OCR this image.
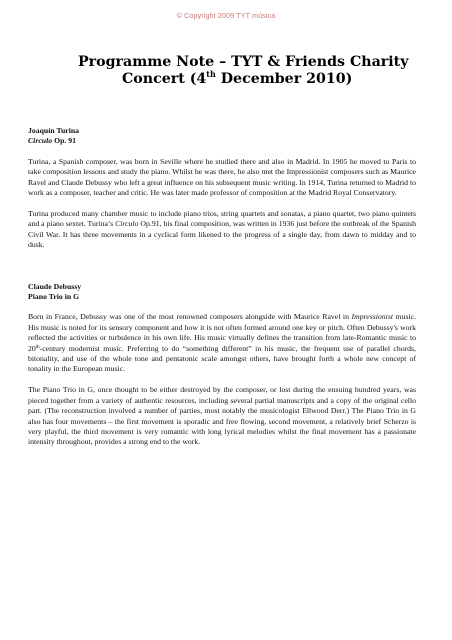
© Copyright 2009 TYT música
Programme Note – TYT & Friends Charity
Concert (4th December 2010)
Joaquín Turina
Circulo Op. 91

Turina, a Spanish composer, was born in Seville where he studied there and also in Madrid. In 1905 he moved to Paris to take composition lessons and study the piano. Whilst he was there, he also met the Impressionist composers such as Maurice Ravel and Claude Debussy who left a great influence on his subsequent music writing. In 1914, Turina returned to Madrid to work as a composer, teacher and critic. He was later made professor of composition at the Madrid Royal Conservatory.

Turina produced many chamber music to include piano trios, string quartets and sonatas, a piano quartet, two piano quintets and a piano sextet. Turina’s Circulo Op.91, his final composition, was written in 1936 just before the outbreak of the Spanish Civil War. It has three movements in a cyclical form likened to the progress of a single day, from dawn to midday and to dusk.

Claude Debussy
Piano Trio in G

Born in France, Debussy was one of the most renowned composers alongside with Maurice Ravel in Impressionist music. His music is noted for its sensory component and how it is not often formed around one key or pitch. Often Debussy's work reflected the activities or turbulence in his own life. His music virtually defines the transition from late-Romantic music to 20th-century modernist music. Preferring to do “something different” in his music, the frequent use of parallel chords, bitonality, and use of the whole tone and pentatonic scale amongst others, have brought forth a whole new concept of tonality in the European music.

The Piano Trio in G, once thought to be either destroyed by the composer, or lost during the ensuing hundred years, was pieced together from a variety of authentic resources, including several partial manuscripts and a copy of the original cello part. (The reconstruction involved a number of parties, most notably the musicologist Ellwood Derr.) The Piano Trio in G also has four movements – the first movement is sporadic and free flowing, second movement, a relatively brief Scherzo is very playful, the third movement is very romantic with long lyrical melodies whilst the final movement has a passionate intensity throughout, provides a strong end to the work.
